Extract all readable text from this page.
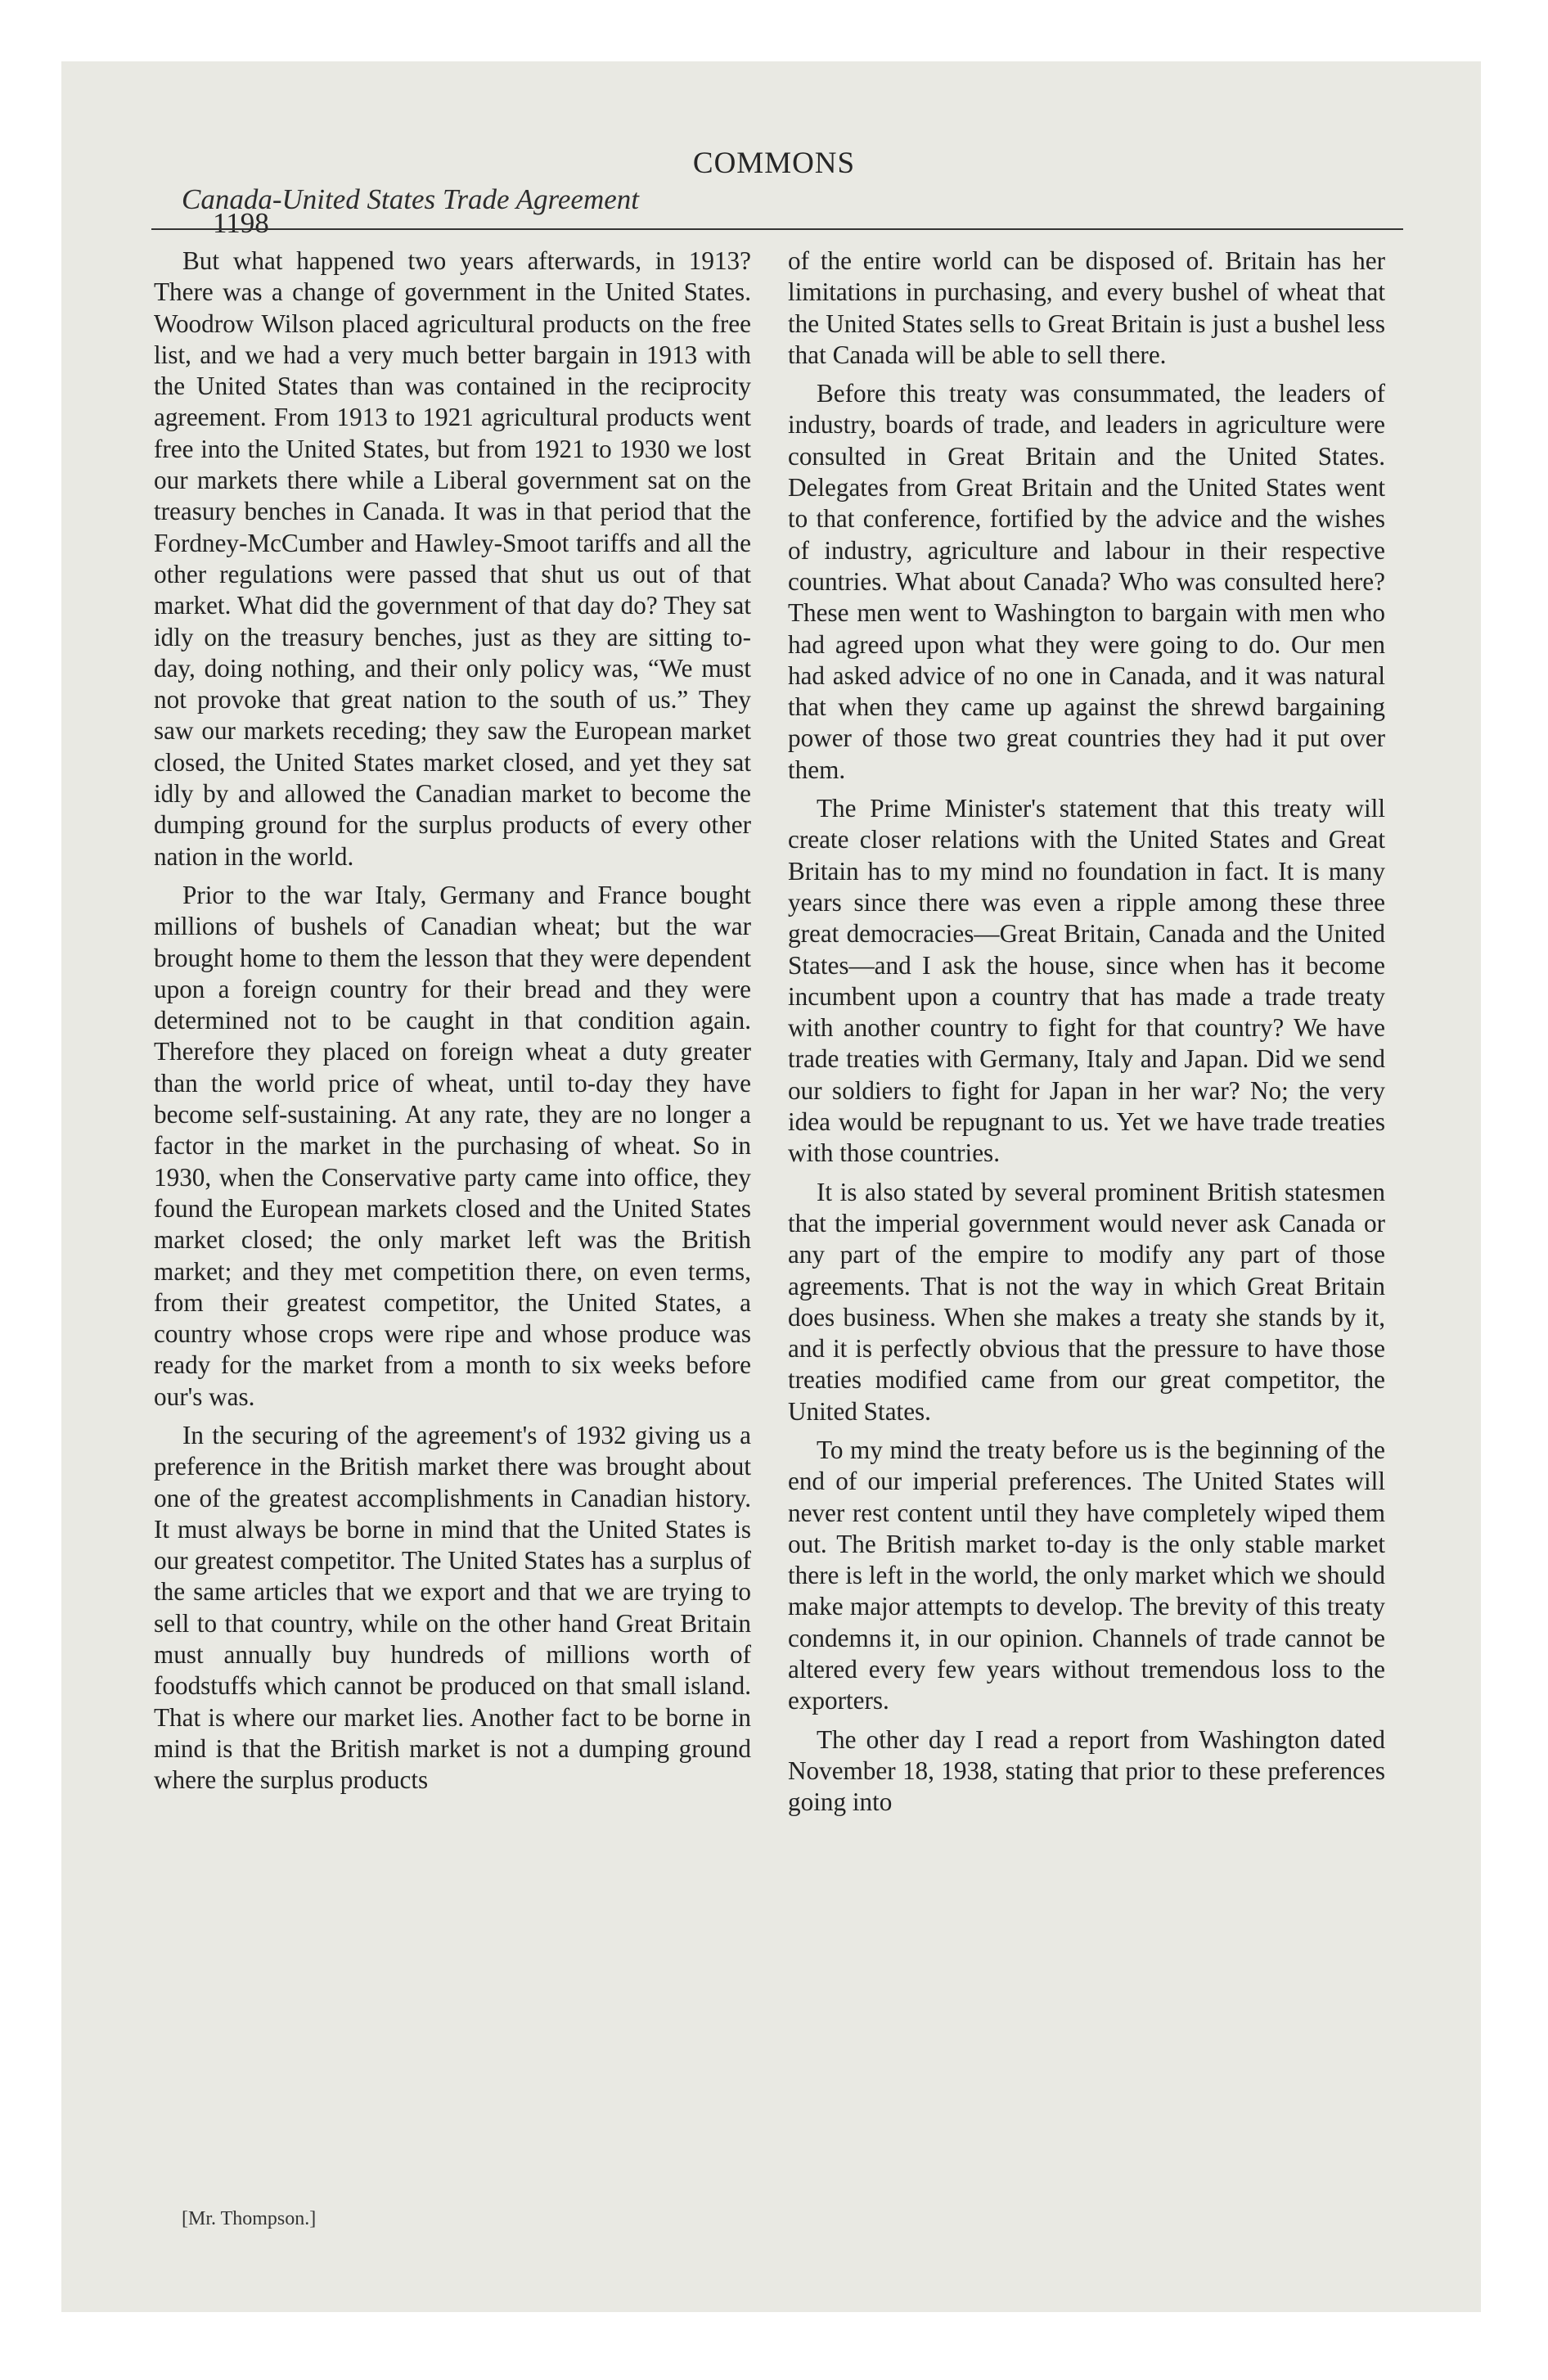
1198
COMMONS
Canada-United States Trade Agreement

But what happened two years afterwards, in 1913? There was a change of government in the United States. Woodrow Wilson placed agricultural products on the free list, and we had a very much better bargain in 1913 with the United States than was contained in the reciprocity agreement. From 1913 to 1921 agricultural products went free into the United States, but from 1921 to 1930 we lost our markets there while a Liberal government sat on the treasury benches in Canada. It was in that period that the Fordney-McCumber and Hawley-Smoot tariffs and all the other regulations were passed that shut us out of that market. What did the government of that day do? They sat idly on the treasury benches, just as they are sitting to-day, doing nothing, and their only policy was, “We must not provoke that great nation to the south of us.” They saw our markets receding; they saw the European market closed, the United States market closed, and yet they sat idly by and allowed the Canadian market to become the dumping ground for the surplus products of every other nation in the world.

Prior to the war Italy, Germany and France bought millions of bushels of Canadian wheat; but the war brought home to them the lesson that they were dependent upon a foreign country for their bread and they were determined not to be caught in that condition again. Therefore they placed on foreign wheat a duty greater than the world price of wheat, until to-day they have become self-sustaining. At any rate, they are no longer a factor in the market in the purchasing of wheat. So in 1930, when the Conservative party came into office, they found the European markets closed and the United States market closed; the only market left was the British market; and they met competition there, on even terms, from their greatest competitor, the United States, a country whose crops were ripe and whose produce was ready for the market from a month to six weeks before our's was.

In the securing of the agreement's of 1932 giving us a preference in the British market there was brought about one of the greatest accomplishments in Canadian history. It must always be borne in mind that the United States is our greatest competitor. The United States has a surplus of the same articles that we export and that we are trying to sell to that country, while on the other hand Great Britain must annually buy hundreds of millions worth of foodstuffs which cannot be produced on that small island. That is where our market lies. Another fact to be borne in mind is that the British market is not a dumping ground where the surplus products

of the entire world can be disposed of. Britain has her limitations in purchasing, and every bushel of wheat that the United States sells to Great Britain is just a bushel less that Canada will be able to sell there.

Before this treaty was consummated, the leaders of industry, boards of trade, and leaders in agriculture were consulted in Great Britain and the United States. Delegates from Great Britain and the United States went to that conference, fortified by the advice and the wishes of industry, agriculture and labour in their respective countries. What about Canada? Who was consulted here? These men went to Washington to bargain with men who had agreed upon what they were going to do. Our men had asked advice of no one in Canada, and it was natural that when they came up against the shrewd bargaining power of those two great countries they had it put over them.

The Prime Minister's statement that this treaty will create closer relations with the United States and Great Britain has to my mind no foundation in fact. It is many years since there was even a ripple among these three great democracies—Great Britain, Canada and the United States—and I ask the house, since when has it become incumbent upon a country that has made a trade treaty with another country to fight for that country? We have trade treaties with Germany, Italy and Japan. Did we send our soldiers to fight for Japan in her war? No; the very idea would be repugnant to us. Yet we have trade treaties with those countries.

It is also stated by several prominent British statesmen that the imperial government would never ask Canada or any part of the empire to modify any part of those agreements. That is not the way in which Great Britain does business. When she makes a treaty she stands by it, and it is perfectly obvious that the pressure to have those treaties modified came from our great competitor, the United States.

To my mind the treaty before us is the beginning of the end of our imperial preferences. The United States will never rest content until they have completely wiped them out. The British market to-day is the only stable market there is left in the world, the only market which we should make major attempts to develop. The brevity of this treaty condemns it, in our opinion. Channels of trade cannot be altered every few years without tremendous loss to the exporters.

The other day I read a report from Washington dated November 18, 1938, stating that prior to these preferences going into

[Mr. Thompson.]
